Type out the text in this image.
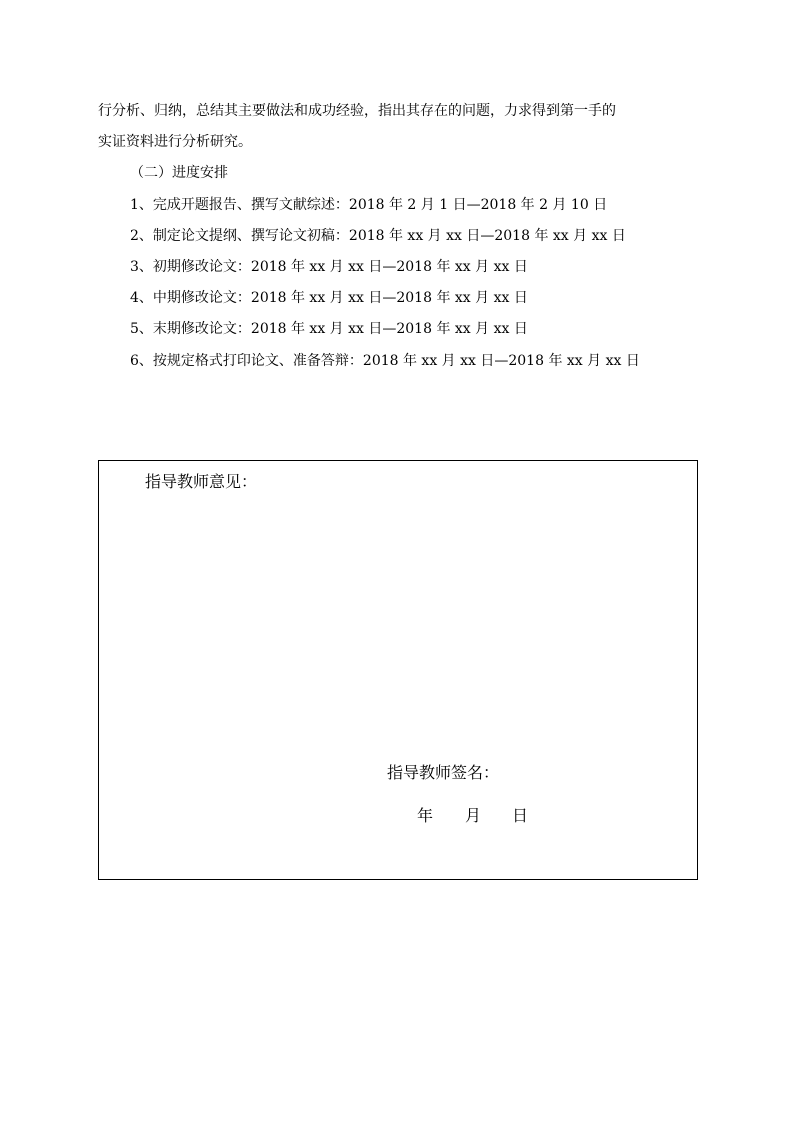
行分析、归纳，总结其主要做法和成功经验，指出其存在的问题，力求得到第一手的
实证资料进行分析研究。
（二）进度安排
1、完成开题报告、撰写文献综述：2018 年 2 月 1 日—2018 年 2 月 10 日
2、制定论文提纲、撰写论文初稿：2018 年 xx 月 xx 日—2018 年 xx 月 xx 日
3、初期修改论文：2018 年 xx 月 xx 日—2018 年 xx 月 xx 日
4、中期修改论文：2018 年 xx 月 xx 日—2018 年 xx 月 xx 日
5、末期修改论文：2018 年 xx 月 xx 日—2018 年 xx 月 xx 日
6、按规定格式打印论文、准备答辩：2018 年 xx 月 xx 日—2018 年 xx 月 xx 日
指导教师意见：
指导教师签名：
年 月 日
